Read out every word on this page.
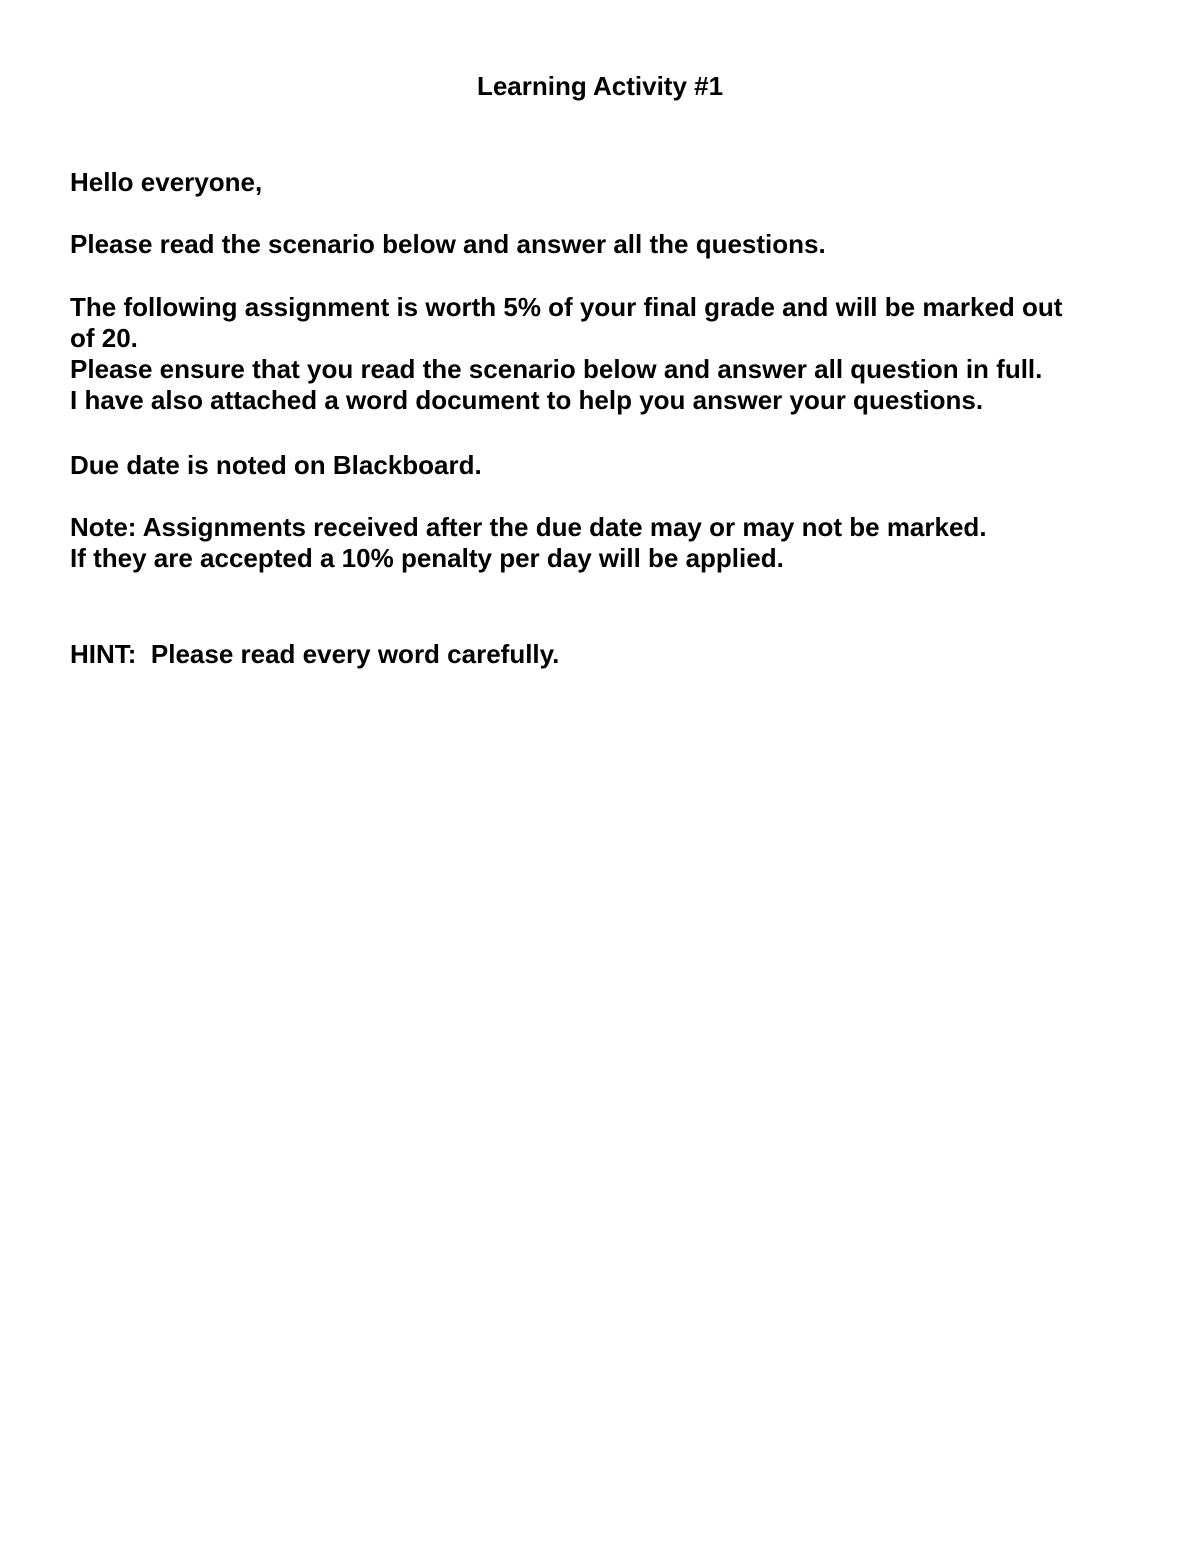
Learning Activity #1
Hello everyone,
Please read the scenario below and answer all the questions.
The following assignment is worth 5% of your final grade and will be marked out
of 20.
Please ensure that you read the scenario below and answer all question in full.
I have also attached a word document to help you answer your questions.
Due date is noted on Blackboard.
Note: Assignments received after the due date may or may not be marked.
If they are accepted a 10% penalty per day will be applied.
HINT:  Please read every word carefully.
